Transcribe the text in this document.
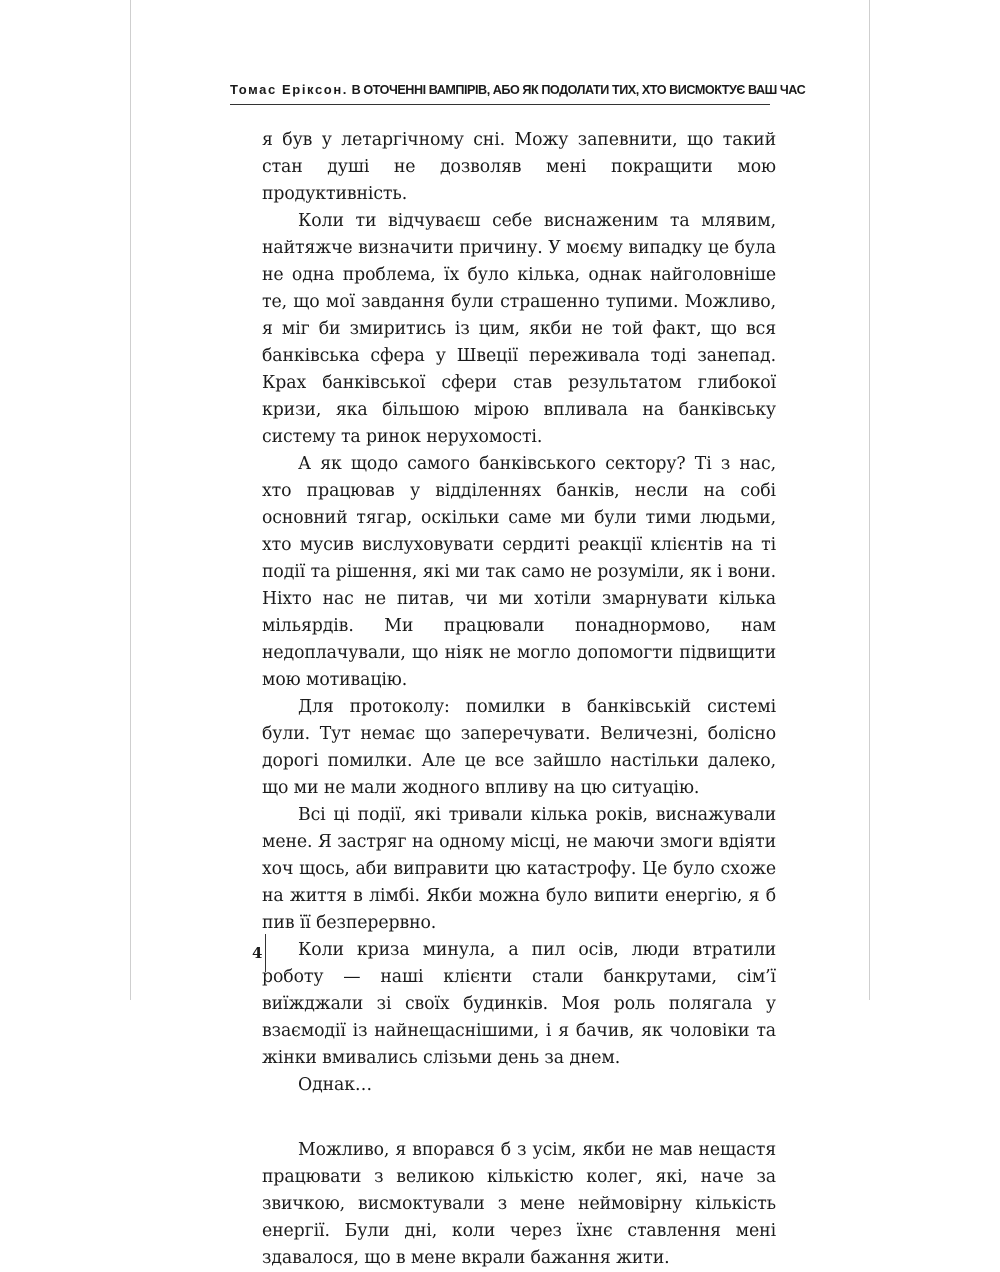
Томас Еріксон. В ОТОЧЕННІ ВАМПІРІВ, АБО ЯК ПОДОЛАТИ ТИХ, ХТО ВИСМОКТУЄ ВАШ ЧАС

я був у летаргічному сні. Можу запевнити, що такий стан душі не дозволяв мені покращити мою продуктивність.

Коли ти відчуваєш себе виснаженим та млявим, найтяжче визначити причину. У моєму випадку це була не одна проблема, їх було кілька, однак найголовніше те, що мої завдання були страшенно тупими. Можливо, я міг би змиритись із цим, якби не той факт, що вся банківська сфера у Швеції переживала тоді занепад. Крах банківської сфери став результатом глибокої кризи, яка більшою мірою впливала на банківську систему та ринок нерухомості.

А як щодо самого банківського сектору? Ті з нас, хто працював у відділеннях банків, несли на собі основний тягар, оскільки саме ми були тими людьми, хто мусив вислуховувати сердиті реакції клієнтів на ті події та рішення, які ми так само не розуміли, як і вони. Ніхто нас не питав, чи ми хотіли змарнувати кілька мільярдів. Ми працювали понаднормово, нам недоплачували, що ніяк не могло допомогти підвищити мою мотивацію.

Для протоколу: помилки в банківській системі були. Тут немає що заперечувати. Величезні, болісно дорогі помилки. Але це все зайшло настільки далеко, що ми не мали жодного впливу на цю ситуацію.

Всі ці події, які тривали кілька років, виснажували мене. Я застряг на одному місці, не маючи змоги вдіяти хоч щось, аби виправити цю катастрофу. Це було схоже на життя в лімбі. Якби можна було випити енергію, я б пив її безперервно.

Коли криза минула, а пил осів, люди втратили роботу — наші клієнти стали банкрутами, сім’ї виїжджали зі своїх будинків. Моя роль полягала у взаємодії із найнещаснішими, і я бачив, як чоловіки та жінки вмивались слізьми день за днем.

Однак…

Можливо, я впорався б з усім, якби не мав нещастя працювати з великою кількістю колег, які, наче за звичкою, висмоктували з мене неймовірну кількість енергії. Були дні, коли через їхнє ставлення мені здавалося, що в мене вкрали бажання жити.

4
